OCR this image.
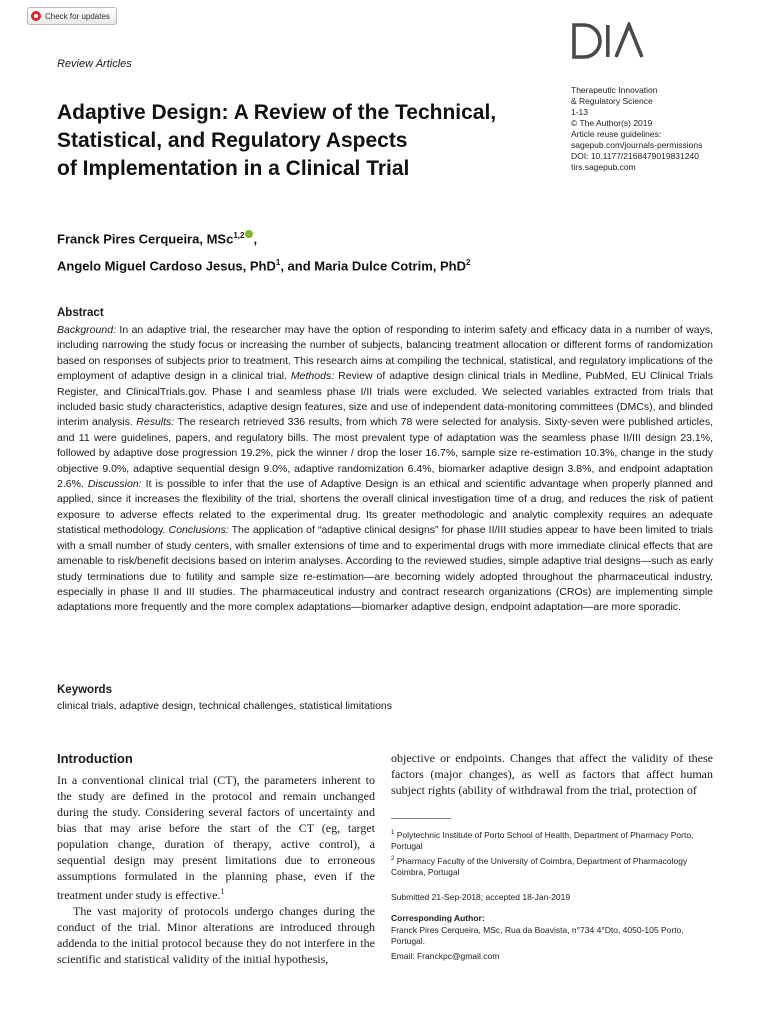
Check for updates
Review Articles
Therapeutic Innovation
& Regulatory Science
1-13
© The Author(s) 2019
Article reuse guidelines:
sagepub.com/journals-permissions
DOI: 10.1177/2168479019831240
tirs.sagepub.com
Adaptive Design: A Review of the Technical,
Statistical, and Regulatory Aspects
of Implementation in a Clinical Trial
Franck Pires Cerqueira, MSc$^{1,2}$ ,
Angelo Miguel Cardoso Jesus, PhD$^1$, and Maria Dulce Cotrim, PhD$^2$
Abstract
Background: In an adaptive trial, the researcher may have the option of responding to interim safety and efficacy data in a number of ways, including narrowing the study focus or increasing the number of subjects, balancing treatment allocation or different forms of randomization based on responses of subjects prior to treatment. This research aims at compiling the technical, statistical, and regulatory implications of the employment of adaptive design in a clinical trial. Methods: Review of adaptive design clinical trials in Medline, PubMed, EU Clinical Trials Register, and ClinicalTrials.gov. Phase I and seamless phase I/II trials were excluded. We selected variables extracted from trials that included basic study characteristics, adaptive design features, size and use of independent data-monitoring committees (DMCs), and blinded interim analysis. Results: The research retrieved 336 results, from which 78 were selected for analysis. Sixty-seven were published articles, and 11 were guidelines, papers, and regulatory bills. The most prevalent type of adaptation was the seamless phase II/III design 23.1%, followed by adaptive dose progression 19.2%, pick the winner / drop the loser 16.7%, sample size re-estimation 10.3%, change in the study objective 9.0%, adaptive sequential design 9.0%, adaptive randomization 6.4%, biomarker adaptive design 3.8%, and endpoint adaptation 2.6%. Discussion: It is possible to infer that the use of Adaptive Design is an ethical and scientific advantage when properly planned and applied, since it increases the flexibility of the trial, shortens the overall clinical investigation time of a drug, and reduces the risk of patient exposure to adverse effects related to the experimental drug. Its greater methodologic and analytic complexity requires an adequate statistical methodology. Conclusions: The application of “adaptive clinical designs” for phase II/III studies appear to have been limited to trials with a small number of study centers, with smaller extensions of time and to experimental drugs with more immediate clinical effects that are amenable to risk/benefit decisions based on interim analyses. According to the reviewed studies, simple adaptive trial designs—such as early study terminations due to futility and sample size re-estimation—are becoming widely adopted throughout the pharmaceutical industry, especially in phase II and III studies. The pharmaceutical industry and contract research organizations (CROs) are implementing simple adaptations more frequently and the more complex adaptations—biomarker adaptive design, endpoint adaptation—are more sporadic.
Keywords
clinical trials, adaptive design, technical challenges, statistical limitations
Introduction

In a conventional clinical trial (CT), the parameters inherent to the study are defined in the protocol and remain unchanged during the study. Considering several factors of uncertainty and bias that may arise before the start of the CT (eg, target population change, duration of therapy, active control), a sequential design may present limitations due to erroneous assumptions formulated in the planning phase, even if the treatment under study is effective.$^1$

The vast majority of protocols undergo changes during the conduct of the trial. Minor alterations are introduced through addenda to the initial protocol because they do not interfere in the scientific and statistical validity of the initial hypothesis,

objective or endpoints. Changes that affect the validity of these factors (major changes), as well as factors that affect human subject rights (ability of withdrawal from the trial, protection of
$^1$ Polytechnic Institute of Porto School of Health, Department of Pharmacy Porto, Portugal
$^2$ Pharmacy Faculty of the University of Coimbra, Department of Pharmacology Coimbra, Portugal
Submitted 21-Sep-2018; accepted 18-Jan-2019
Corresponding Author:
Franck Pires Cerqueira, MSc, Rua da Boavista, n°734 4°Dto, 4050-105 Porto, Portugal.
Email: Franckpc@gmail.com
